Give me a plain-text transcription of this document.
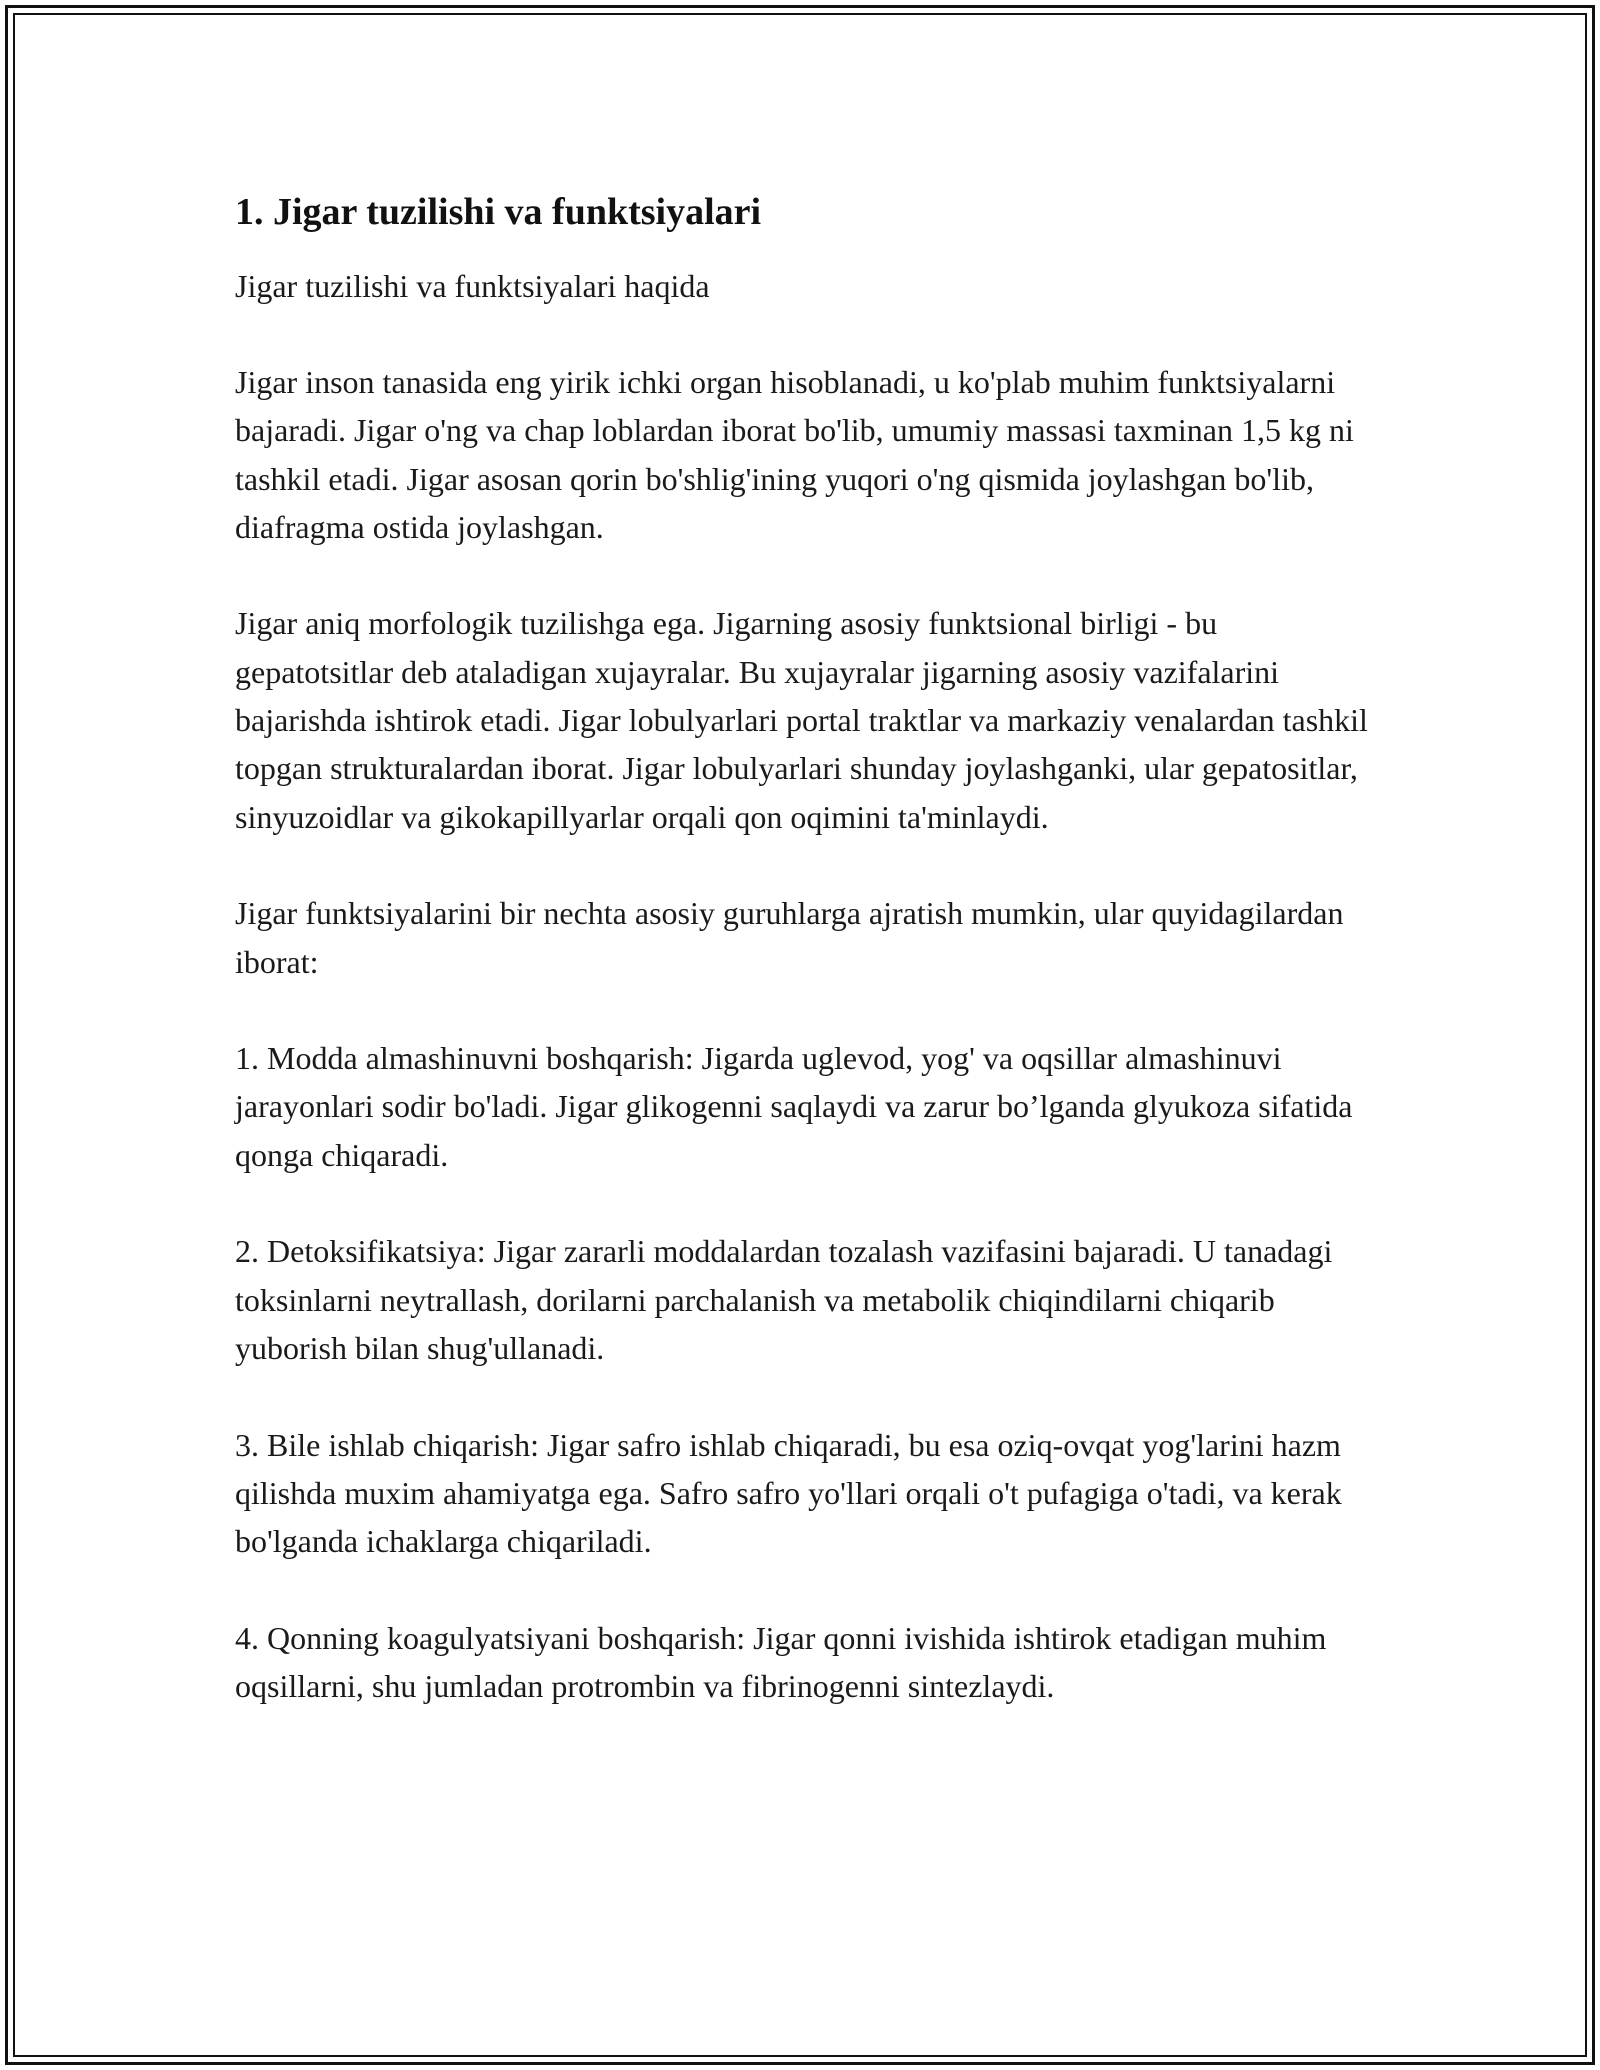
1. Jigar tuzilishi va funktsiyalari

Jigar tuzilishi va funktsiyalari haqida

Jigar inson tanasida eng yirik ichki organ hisoblanadi, u ko'plab muhim funktsiyalarni bajaradi. Jigar o'ng va chap loblardan iborat bo'lib, umumiy massasi taxminan 1,5 kg ni tashkil etadi. Jigar asosan qorin bo'shlig'ining yuqori o'ng qismida joylashgan bo'lib, diafragma ostida joylashgan.

Jigar aniq morfologik tuzilishga ega. Jigarning asosiy funktsional birligi - bu gepatotsitlar deb ataladigan xujayralar. Bu xujayralar jigarning asosiy vazifalarini bajarishda ishtirok etadi. Jigar lobulyarlari portal traktlar va markaziy venalardan tashkil topgan strukturalardan iborat. Jigar lobulyarlari shunday joylashganki, ular gepatositlar, sinyuzoidlar va gikokapillyarlar orqali qon oqimini ta'minlaydi.

Jigar funktsiyalarini bir nechta asosiy guruhlarga ajratish mumkin, ular quyidagilardan iborat:

1. Modda almashinuvni boshqarish: Jigarda uglevod, yog' va oqsillar almashinuvi jarayonlari sodir bo'ladi. Jigar glikogenni saqlaydi va zarur bo’lganda glyukoza sifatida qonga chiqaradi.

2. Detoksifikatsiya: Jigar zararli moddalardan tozalash vazifasini bajaradi. U tanadagi toksinlarni neytrallash, dorilarni parchalanish va metabolik chiqindilarni chiqarib yuborish bilan shug'ullanadi.

3. Bile ishlab chiqarish: Jigar safro ishlab chiqaradi, bu esa oziq-ovqat yog'larini hazm qilishda muxim ahamiyatga ega. Safro safro yo'llari orqali o't pufagiga o'tadi, va kerak bo'lganda ichaklarga chiqariladi.

4. Qonning koagulyatsiyani boshqarish: Jigar qonni ivishida ishtirok etadigan muhim oqsillarni, shu jumladan protrombin va fibrinogenni sintezlaydi.
